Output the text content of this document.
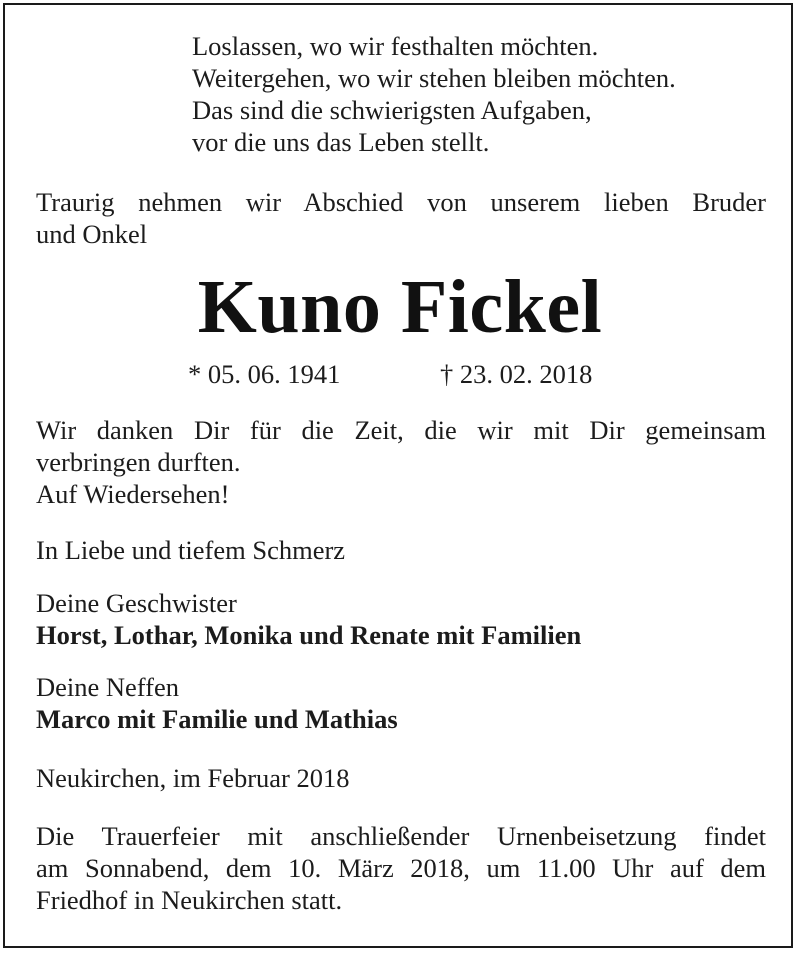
Loslassen, wo wir festhalten möchten.
Weitergehen, wo wir stehen bleiben möchten.
Das sind die schwierigsten Aufgaben,
vor die uns das Leben stellt.
Traurig nehmen wir Abschied von unserem lieben Bruder
und Onkel
Kuno Fickel
* 05. 06. 1941	† 23. 02. 2018
Wir danken Dir für die Zeit, die wir mit Dir gemeinsam
verbringen durften.
Auf Wiedersehen!
In Liebe und tiefem Schmerz
Deine Geschwister
Horst, Lothar, Monika und Renate mit Familien
Deine Neffen
Marco mit Familie und Mathias
Neukirchen, im Februar 2018
Die Trauerfeier mit anschließender Urnenbeisetzung findet
am Sonnabend, dem 10. März 2018, um 11.00 Uhr auf dem
Friedhof in Neukirchen statt.
